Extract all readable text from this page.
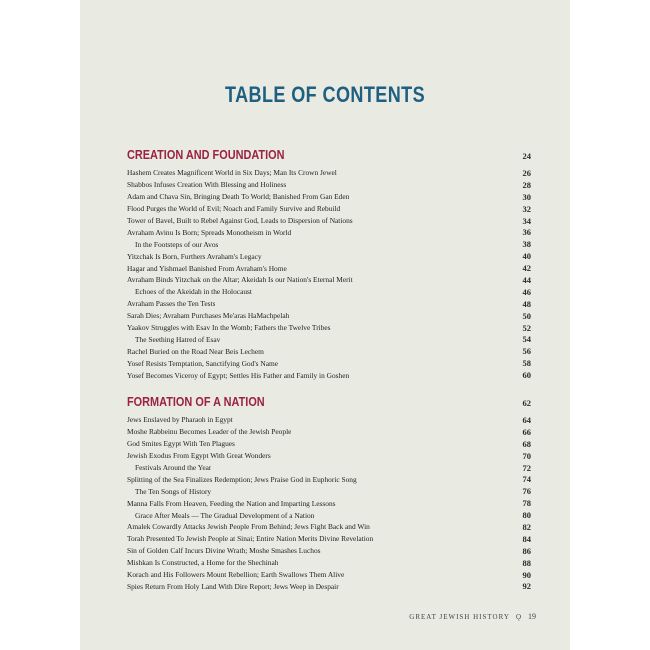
TABLE OF CONTENTS
CREATION AND FOUNDATION	24
Hashem Creates Magnificent World in Six Days; Man Its Crown Jewel	26
Shabbos Infuses Creation With Blessing and Holiness	28
Adam and Chava Sin, Bringing Death To World; Banished From Gan Eden	30
Flood Purges the World of Evil; Noach and Family Survive and Rebuild	32
Tower of Bavel, Built to Rebel Against God, Leads to Dispersion of Nations	34
Avraham Avinu Is Born; Spreads Monotheism in World	36
In the Footsteps of our Avos	38
Yitzchak Is Born, Furthers Avraham's Legacy	40
Hagar and Yishmael Banished From Avraham's Home	42
Avraham Binds Yitzchak on the Altar; Akeidah Is our Nation's Eternal Merit	44
Echoes of the Akeidah in the Holocaust	46
Avraham Passes the Ten Tests	48
Sarah Dies; Avraham Purchases Me'aras HaMachpelah	50
Yaakov Struggles with Esav In the Womb; Fathers the Twelve Tribes	52
The Seething Hatred of Esav	54
Rachel Buried on the Road Near Beis Lechem	56
Yosef Resists Temptation, Sanctifying God's Name	58
Yosef Becomes Viceroy of Egypt; Settles His Father and Family in Goshen	60
FORMATION OF A NATION	62
Jews Enslaved by Pharaoh in Egypt	64
Moshe Rabbeinu Becomes Leader of the Jewish People	66
God Smites Egypt With Ten Plagues	68
Jewish Exodus From Egypt With Great Wonders	70
Festivals Around the Year	72
Splitting of the Sea Finalizes Redemption; Jews Praise God in Euphoric Song	74
The Ten Songs of History	76
Manna Falls From Heaven, Feeding the Nation and Imparting Lessons	78
Grace After Meals — The Gradual Development of a Nation	80
Amalek Cowardly Attacks Jewish People From Behind; Jews Fight Back and Win	82
Torah Presented To Jewish People at Sinai; Entire Nation Merits Divine Revelation	84
Sin of Golden Calf Incurs Divine Wrath; Moshe Smashes Luchos	86
Mishkan Is Constructed, a Home for the Shechinah	88
Korach and His Followers Mount Rebellion; Earth Swallows Them Alive	90
Spies Return From Holy Land With Dire Report; Jews Weep in Despair	92
GREAT JEWISH HISTORY Ǫ 19
